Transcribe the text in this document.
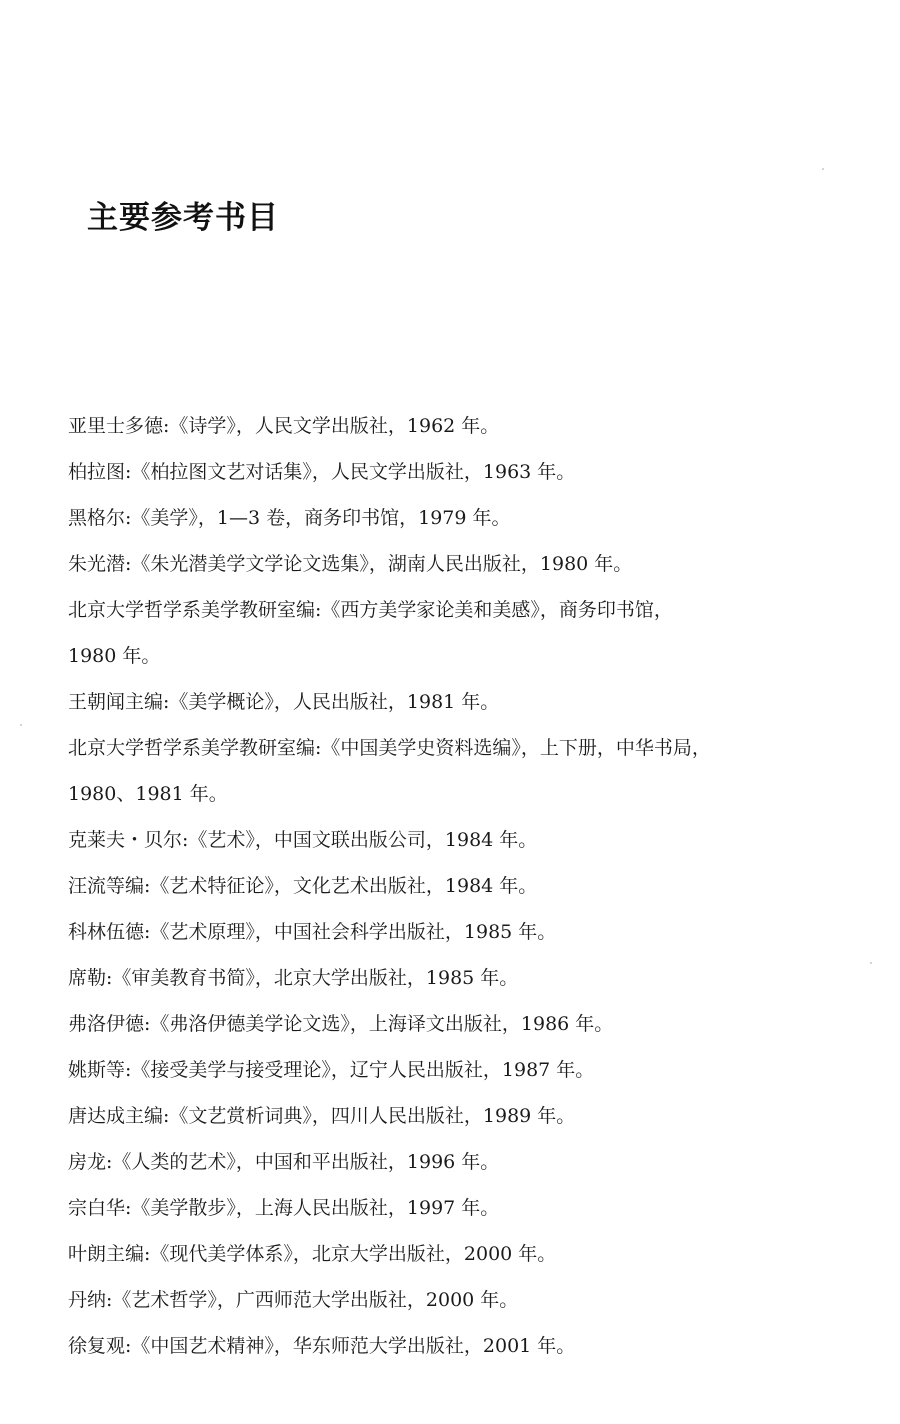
主要参考书目
亚里士多德:《诗学》，人民文学出版社，1962 年。
柏拉图:《柏拉图文艺对话集》，人民文学出版社，1963 年。
黑格尔:《美学》，1—3 卷，商务印书馆，1979 年。
朱光潜:《朱光潜美学文学论文选集》，湖南人民出版社，1980 年。
北京大学哲学系美学教研室编:《西方美学家论美和美感》，商务印书馆，
1980 年。
王朝闻主编:《美学概论》，人民出版社，1981 年。
北京大学哲学系美学教研室编:《中国美学史资料选编》，上下册，中华书局，
1980、1981 年。
克莱夫・贝尔:《艺术》，中国文联出版公司，1984 年。
汪流等编:《艺术特征论》，文化艺术出版社，1984 年。
科林伍德:《艺术原理》，中国社会科学出版社，1985 年。
席勒:《审美教育书简》，北京大学出版社，1985 年。
弗洛伊德:《弗洛伊德美学论文选》，上海译文出版社，1986 年。
姚斯等:《接受美学与接受理论》，辽宁人民出版社，1987 年。
唐达成主编:《文艺赏析词典》，四川人民出版社，1989 年。
房龙:《人类的艺术》，中国和平出版社，1996 年。
宗白华:《美学散步》，上海人民出版社，1997 年。
叶朗主编:《现代美学体系》，北京大学出版社，2000 年。
丹纳:《艺术哲学》，广西师范大学出版社，2000 年。
徐复观:《中国艺术精神》，华东师范大学出版社，2001 年。
